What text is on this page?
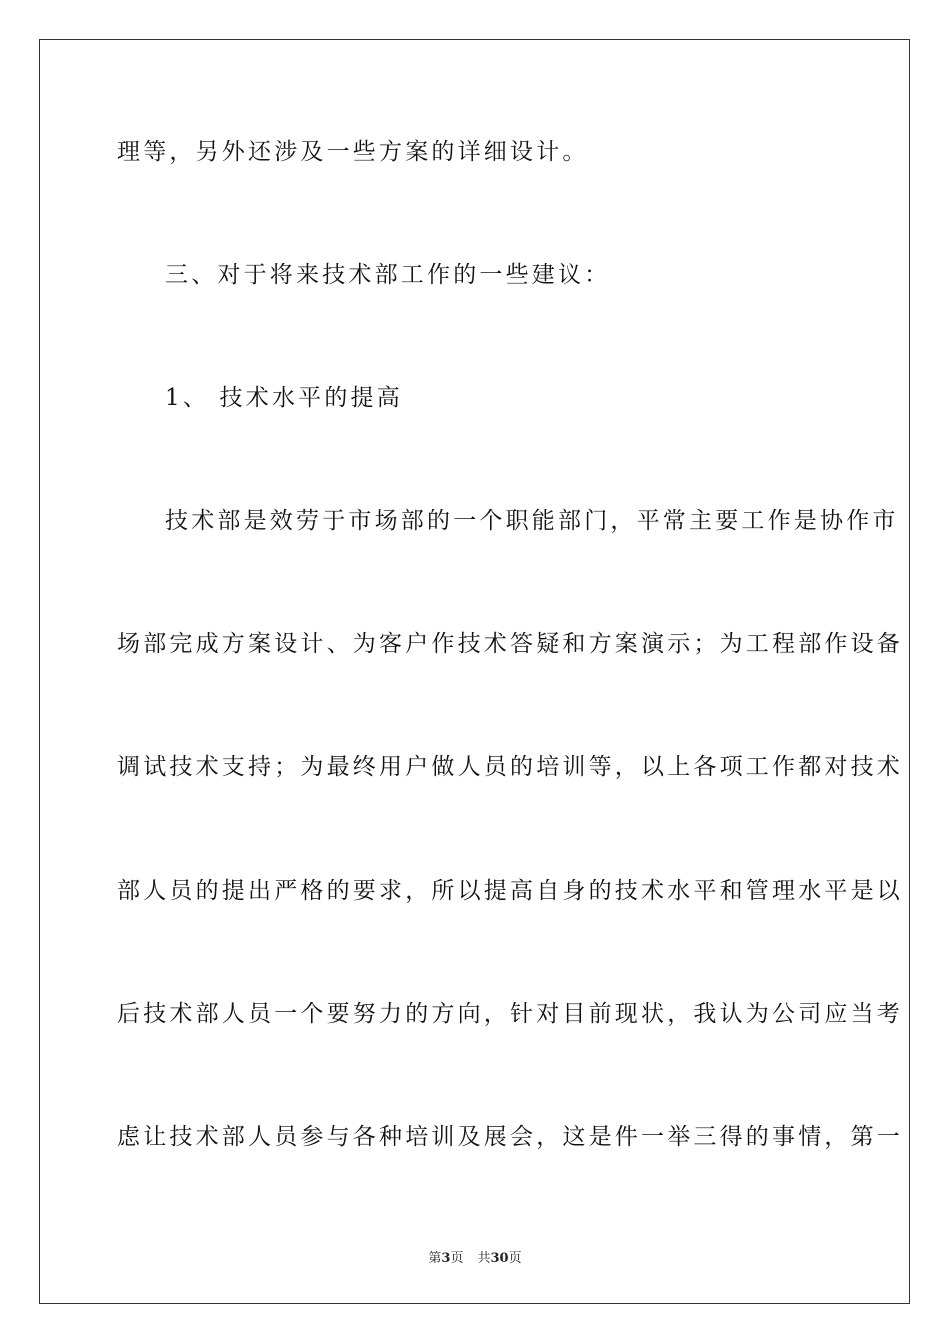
理等，另外还涉及一些方案的详细设计。
三、对于将来技术部工作的一些建议：
1、 技术水平的提高
技术部是效劳于市场部的一个职能部门，平常主要工作是协作市
场部完成方案设计、为客户作技术答疑和方案演示；为工程部作设备
调试技术支持；为最终用户做人员的培训等，以上各项工作都对技术
部人员的提出严格的要求，所以提高自身的技术水平和管理水平是以
后技术部人员一个要努力的方向，针对目前现状，我认为公司应当考
虑让技术部人员参与各种培训及展会，这是件一举三得的事情，第一
第3页 共30页
